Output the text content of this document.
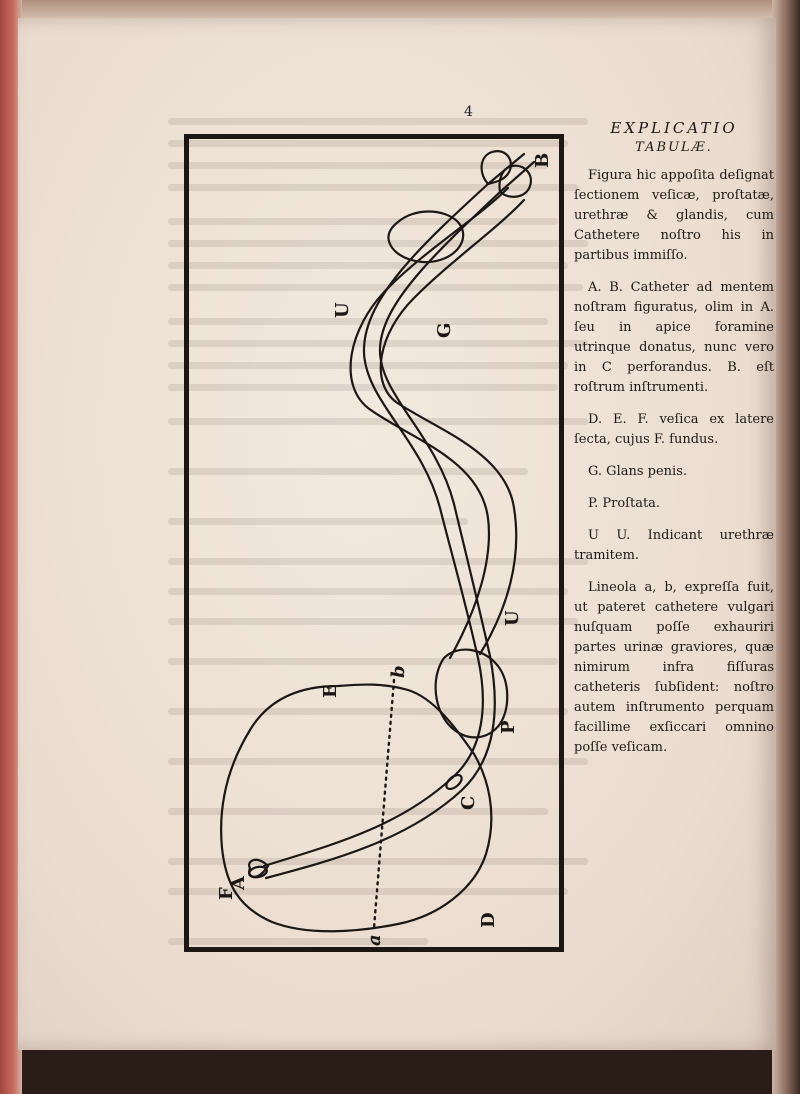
4
A
B
C
D
E
F
G
P
U
U
a
b
EXPLICATIO
TABULÆ.

Figura hic appoſita deſignat ſectionem veſicæ, proſtatæ, urethræ & glandis, cum Cathetere noſtro his in partibus immiſſo.

A. B. Catheter ad mentem noſtram figuratus, olim in A. ſeu in apice foramine utrinque donatus, nunc vero in C perforandus. B. eſt roſtrum inſtrumenti.

D. E. F. veſica ex latere ſecta, cujus F. fundus.

G. Glans penis.

P. Proſtata.

U U. Indicant urethræ tramitem.

Lineola a, b, expreſſa fuit, ut pateret cathetere vulgari nuſquam poſſe exhauriri partes urinæ graviores, quæ nimirum infra fiſſuras catheteris ſubſident: noſtro autem inſtrumento perquam facillime exſiccari omnino poſſe veſicam.
